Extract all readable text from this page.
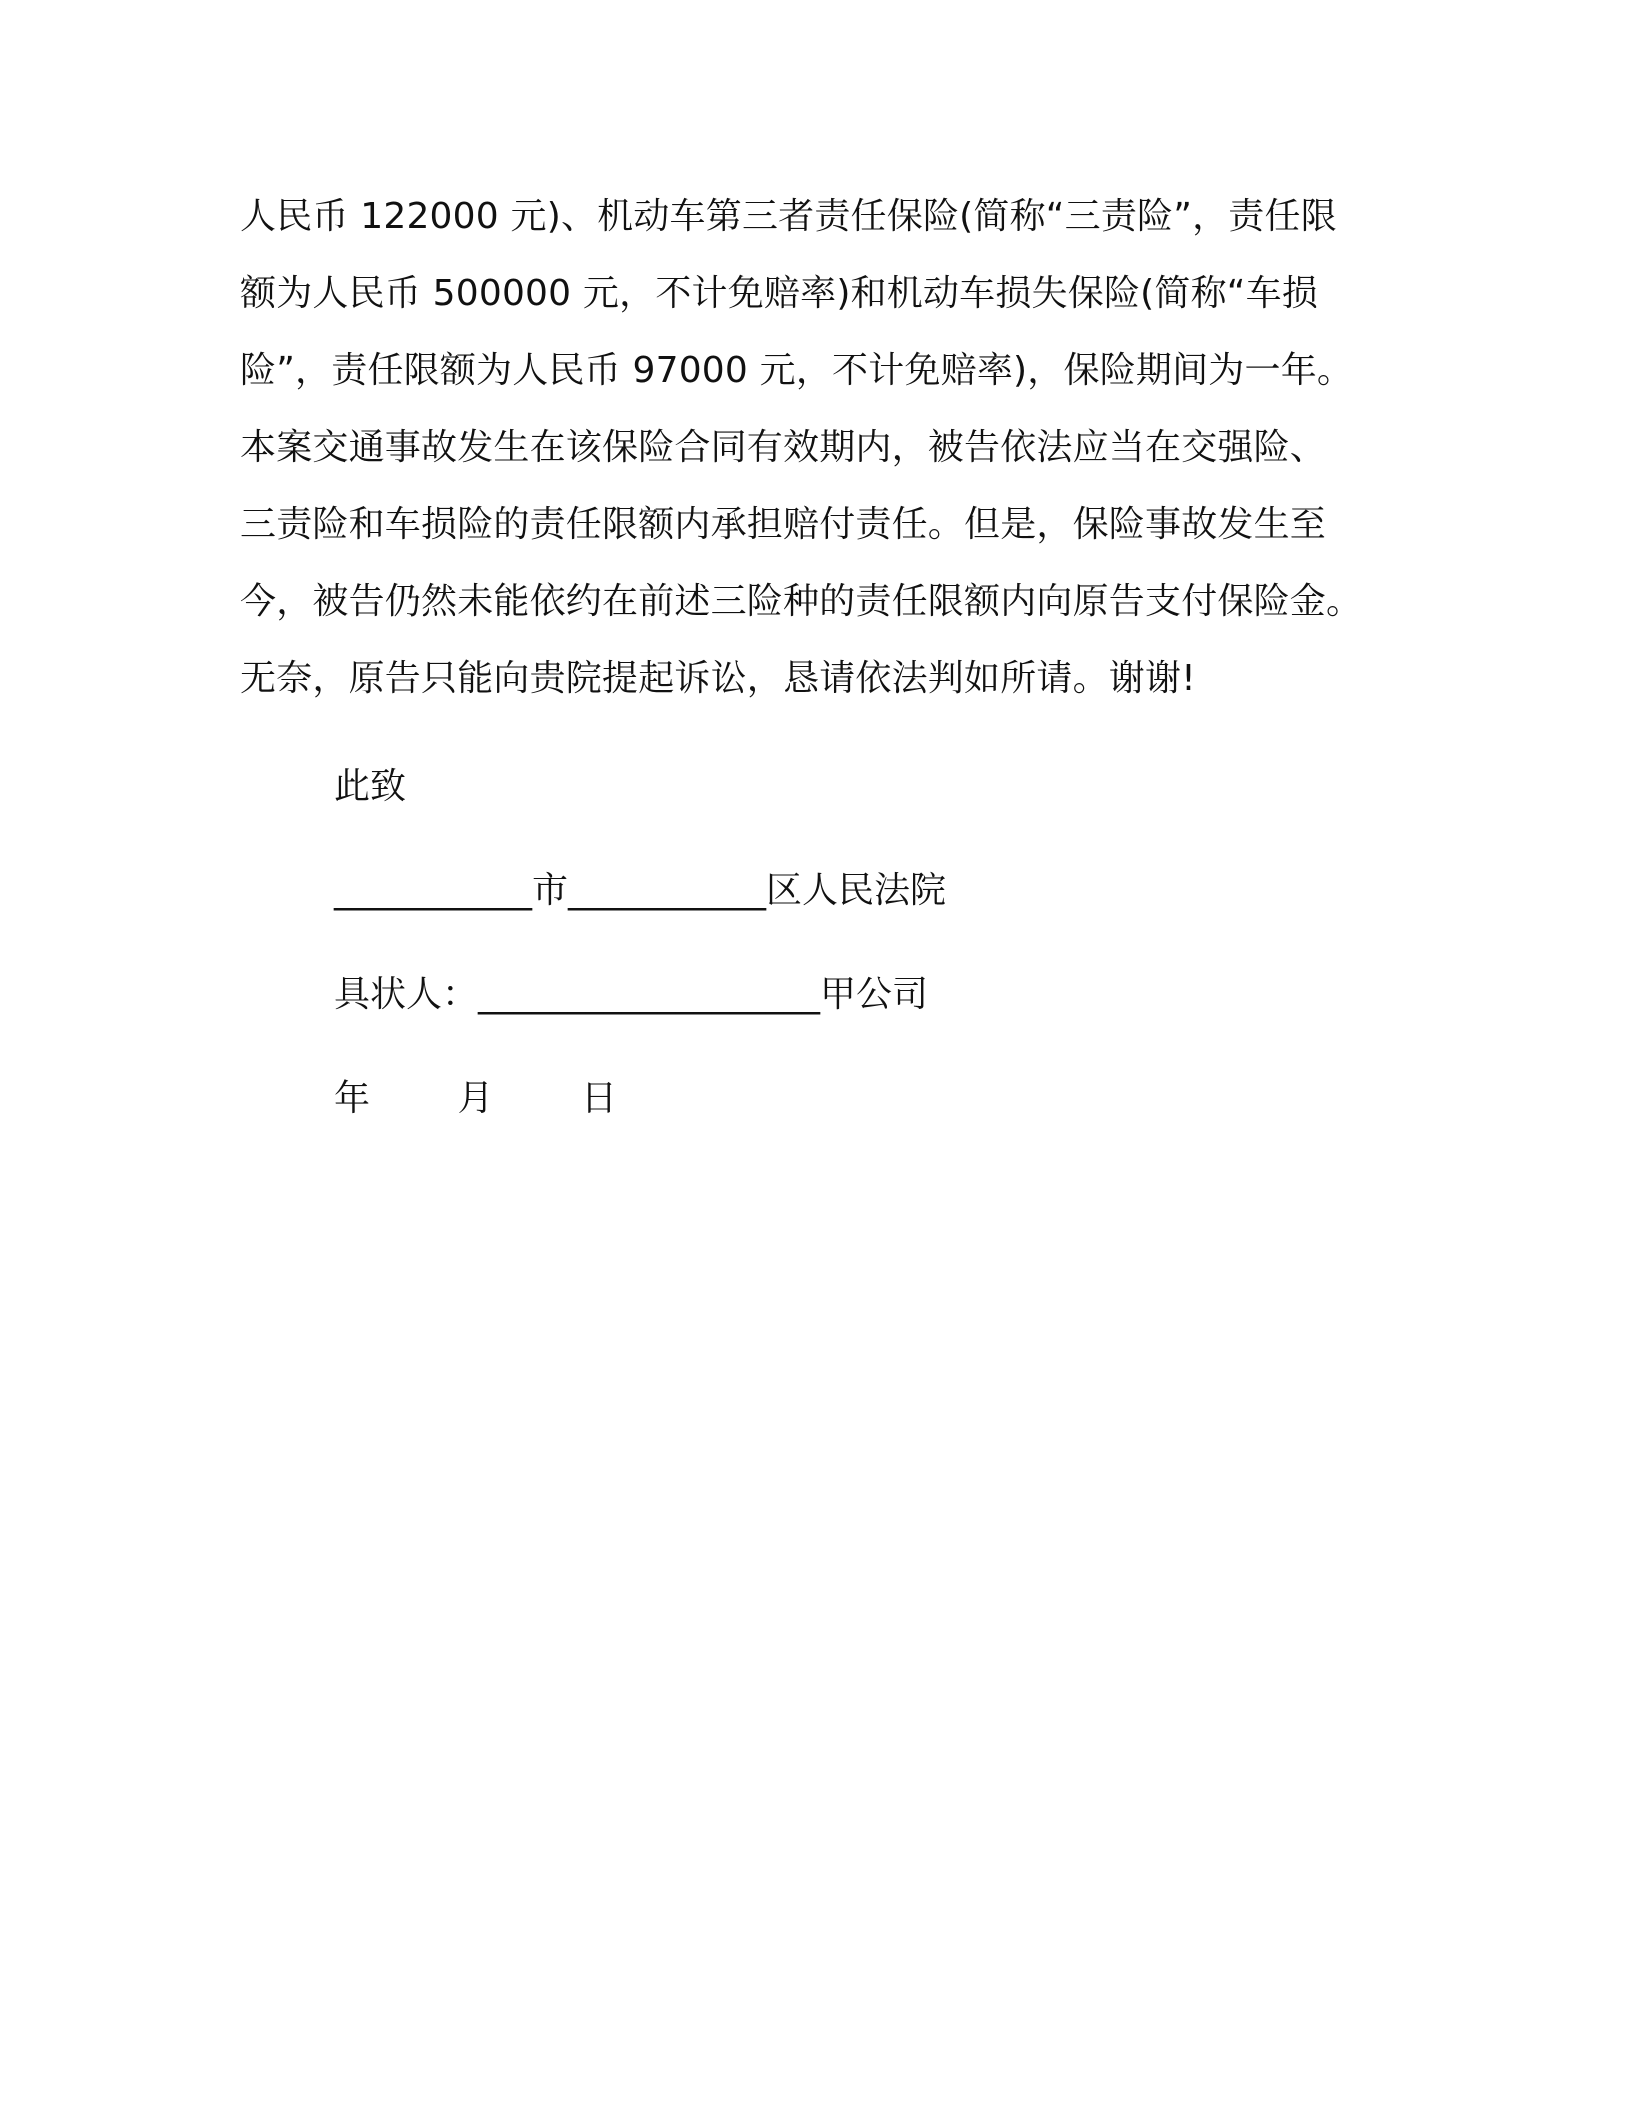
人民币 122000 元)、机动车第三者责任保险(简称“三责险”，责任限
额为人民币 500000 元，不计免赔率)和机动车损失保险(简称“车损
险”，责任限额为人民币 97000 元，不计免赔率)，保险期间为一年。
本案交通事故发生在该保险合同有效期内，被告依法应当在交强险、
三责险和车损险的责任限额内承担赔付责任。但是，保险事故发生至
今，被告仍然未能依约在前述三险种的责任限额内向原告支付保险金。
无奈，原告只能向贵院提起诉讼，恳请依法判如所请。谢谢!
此致
___________市___________区人民法院
具状人：___________________甲公司
年 月 日
